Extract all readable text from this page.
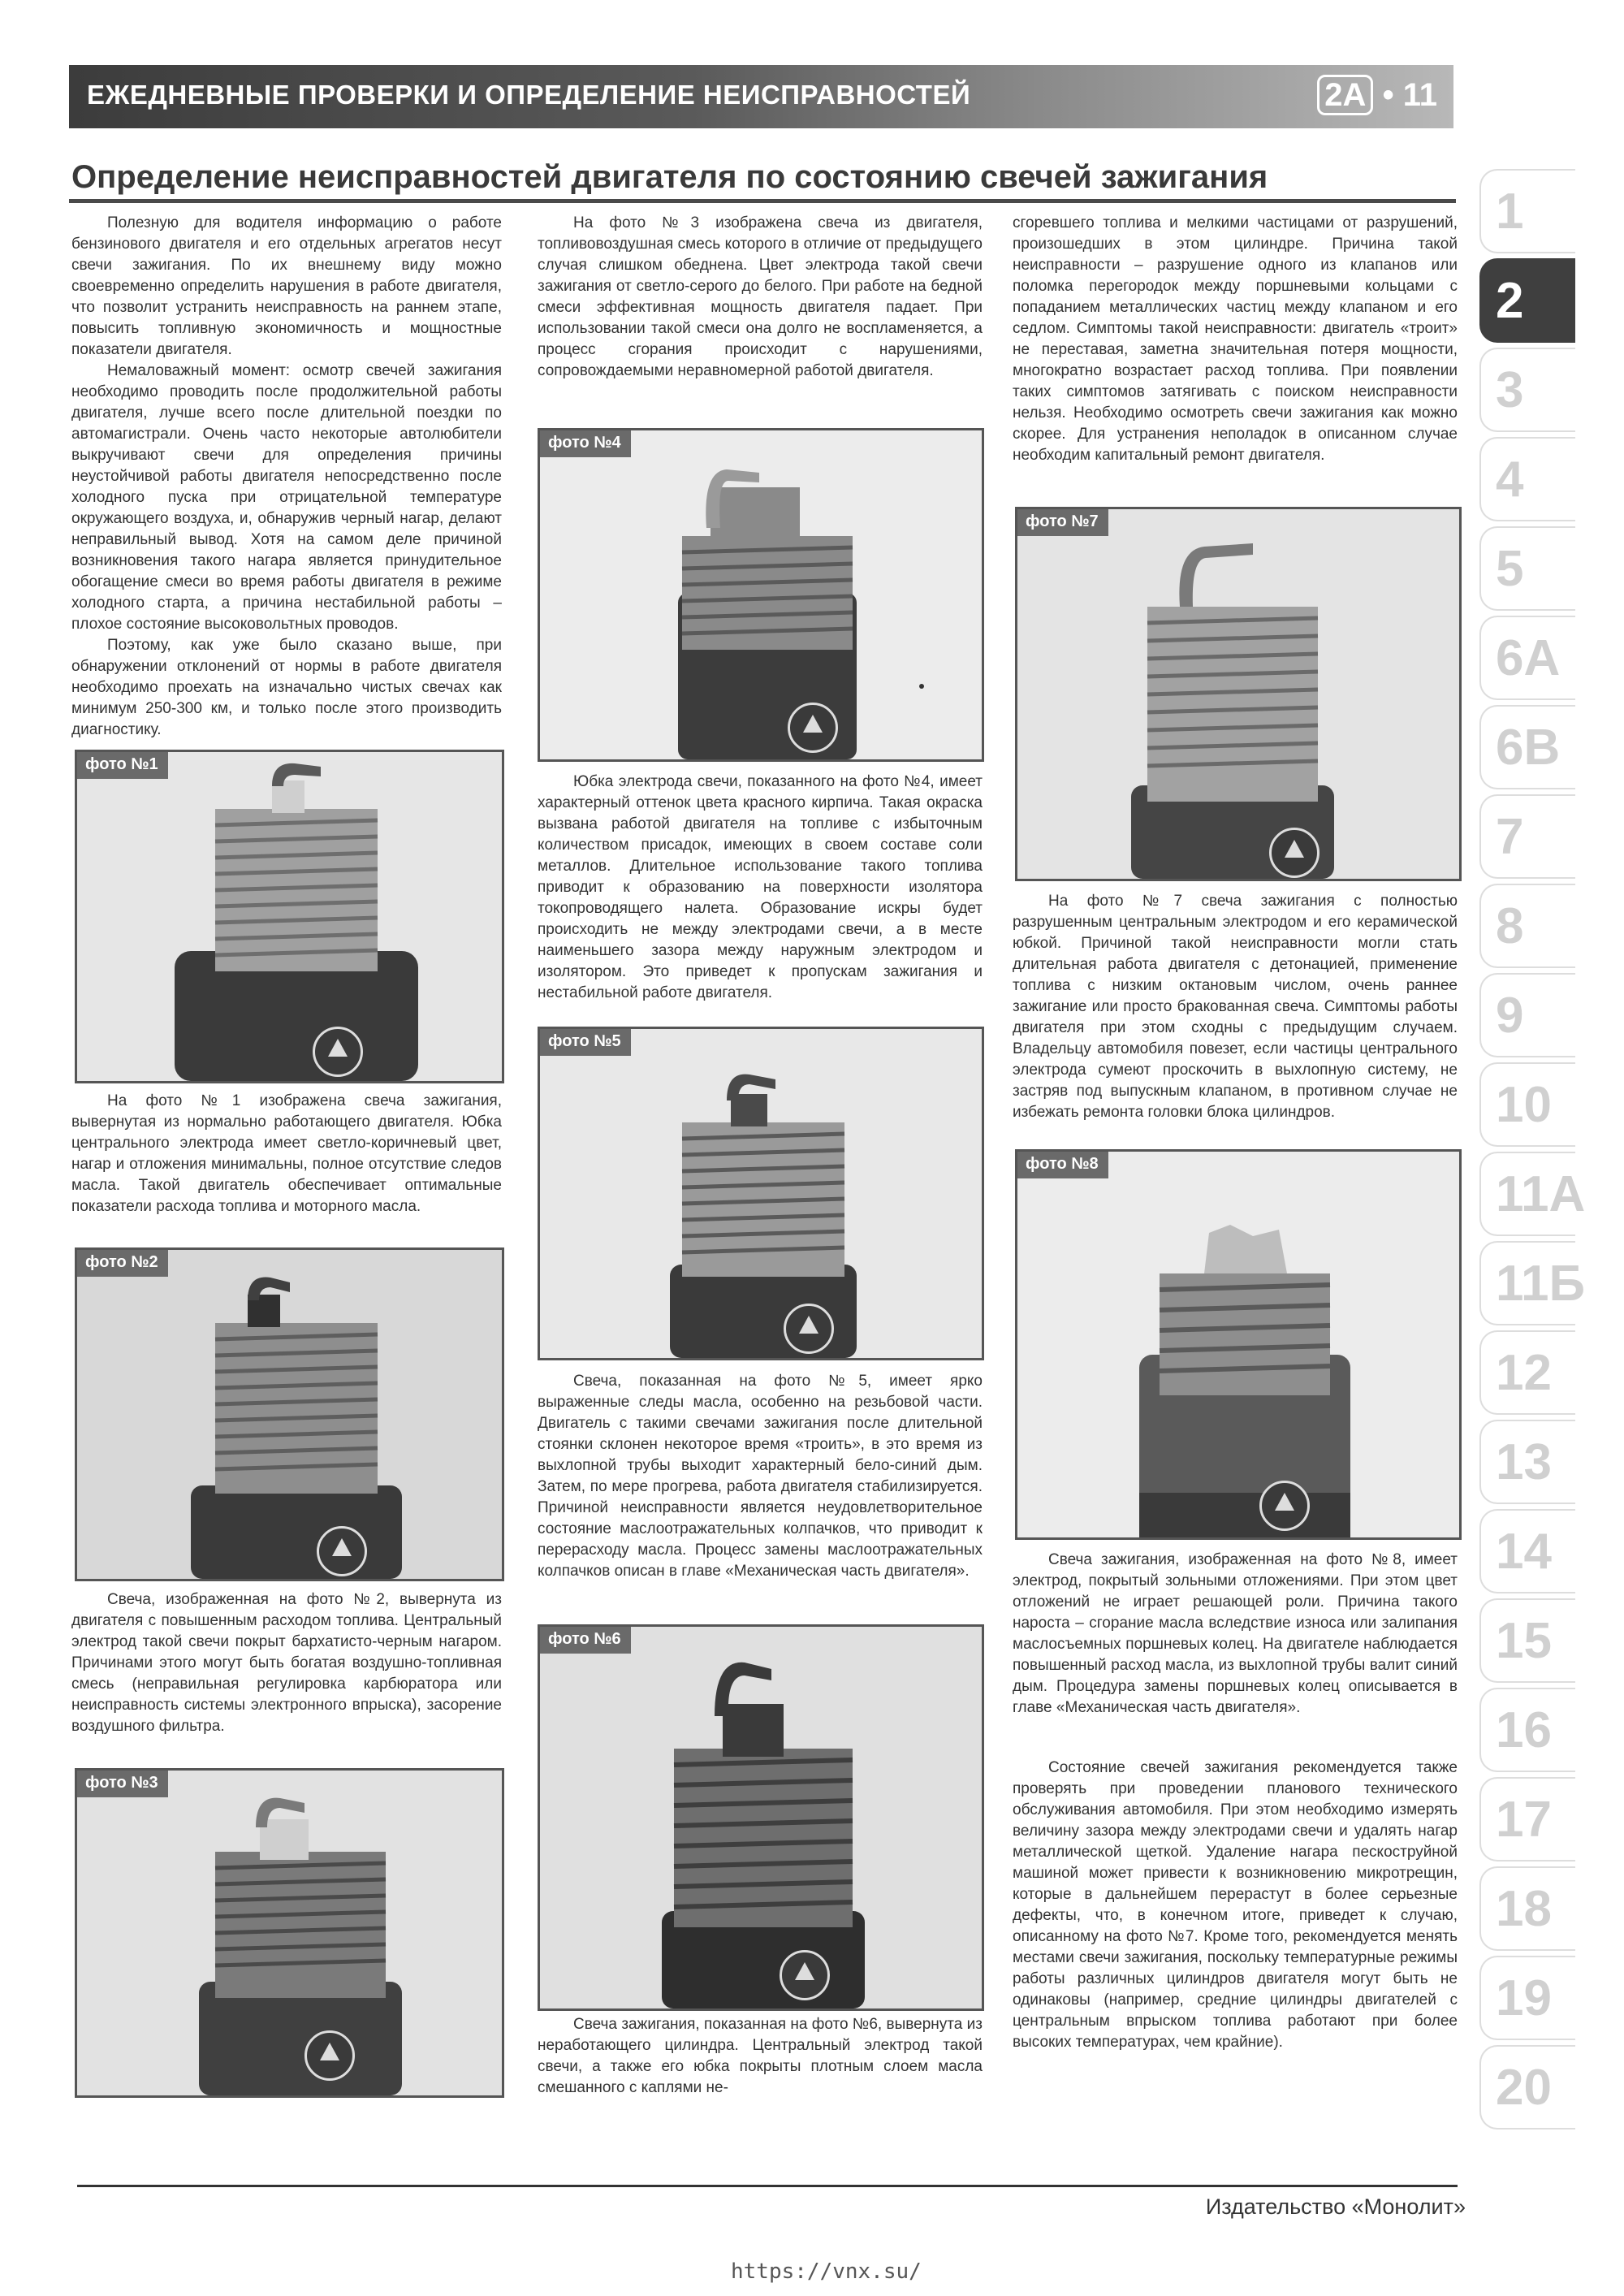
ЕЖЕДНЕВНЫЕ ПРОВЕРКИ И ОПРЕДЕЛЕНИЕ НЕИСПРАВНОСТЕЙ	2А • 11
Определение неисправностей двигателя по состоянию свечей зажигания

Полезную для водителя информацию о работе бензинового двигателя и его отдельных агрегатов несут свечи зажигания. По их внешнему виду можно своевременно определить нарушения в работе двигателя, что позволит устранить неисправность на раннем этапе, повысить топливную экономичность и мощностные показатели двигателя.

Немаловажный момент: осмотр свечей зажигания необходимо проводить после продолжительной работы двигателя, лучше всего после длительной поездки по автомагистрали. Очень часто некоторые автолюбители выкручивают свечи для определения причины неустойчивой работы двигателя непосредственно после холодного пуска при отрицательной температуре окружающего воздуха, и, обнаружив черный нагар, делают неправильный вывод. Хотя на самом деле причиной возникновения такого нагара является принудительное обогащение смеси во время работы двигателя в режиме холодного старта, а причина нестабильной работы – плохое состояние высоковольтных проводов.

Поэтому, как уже было сказано выше, при обнаружении отклонений от нормы в работе двигателя необходимо проехать на изначально чистых свечах как минимум 250-300 км, и только после этого производить диагностику.

фото №1

На фото №1 изображена свеча зажигания, вывернутая из нормально работающего двигателя. Юбка центрального электрода имеет светло-коричневый цвет, нагар и отложения минимальны, полное отсутствие следов масла. Такой двигатель обеспечивает оптимальные показатели расхода топлива и моторного масла.

фото №2

Свеча, изображенная на фото №2, вывернута из двигателя с повышенным расходом топлива. Центральный электрод такой свечи покрыт бархатисто-черным нагаром. Причинами этого могут быть богатая воздушно-топливная смесь (неправильная регулировка карбюратора или неисправность системы электронного впрыска), засорение воздушного фильтра.

фото №3

На фото №3 изображена свеча из двигателя, топливовоздушная смесь которого в отличие от предыдущего случая слишком обеднена. Цвет электрода такой свечи зажигания от светло-серого до белого. При работе на бедной смеси эффективная мощность двигателя падает. При использовании такой смеси она долго не воспламеняется, а процесс сгорания происходит с нарушениями, сопровождаемыми неравномерной работой двигателя.

фото №4

Юбка электрода свечи, показанного на фото №4, имеет характерный оттенок цвета красного кирпича. Такая окраска вызвана работой двигателя на топливе с избыточным количеством присадок, имеющих в своем составе соли металлов. Длительное использование такого топлива приводит к образованию на поверхности изолятора токопроводящего налета. Образование искры будет происходить не между электродами свечи, а в месте наименьшего зазора между наружным электродом и изолятором. Это приведет к пропускам зажигания и нестабильной работе двигателя.

фото №5

Свеча, показанная на фото №5, имеет ярко выраженные следы масла, особенно на резьбовой части. Двигатель с такими свечами зажигания после длительной стоянки склонен некоторое время «троить», в это время из выхлопной трубы выходит характерный бело-синий дым. Затем, по мере прогрева, работа двигателя стабилизируется. Причиной неисправности является неудовлетворительное состояние маслоотражательных колпачков, что приводит к перерасходу масла. Процесс замены маслоотражательных колпачков описан в главе «Механическая часть двигателя».

фото №6

Свеча зажигания, показанная на фото №6, вывернута из неработающего цилиндра. Центральный электрод такой свечи, а также его юбка покрыты плотным слоем масла смешанного с каплями не-

сгоревшего топлива и мелкими частицами от разрушений, произошедших в этом цилиндре. Причина такой неисправности – разрушение одного из клапанов или поломка перегородок между поршневыми кольцами с попаданием металлических частиц между клапаном и его седлом. Симптомы такой неисправности: двигатель «троит» не переставая, заметна значительная потеря мощности, многократно возрастает расход топлива. При появлении таких симптомов затягивать с поиском неисправности нельзя. Необходимо осмотреть свечи зажигания как можно скорее. Для устранения неполадок в описанном случае необходим капитальный ремонт двигателя.

фото №7

На фото №7 свеча зажигания с полностью разрушенным центральным электродом и его керамической юбкой. Причиной такой неисправности могли стать длительная работа двигателя с детонацией, применение топлива с низким октановым числом, очень раннее зажигание или просто бракованная свеча. Симптомы работы двигателя при этом сходны с предыдущим случаем. Владельцу автомобиля повезет, если частицы центрального электрода сумеют проскочить в выхлопную систему, не застряв под выпускным клапаном, в противном случае не избежать ремонта головки блока цилиндров.

фото №8

Свеча зажигания, изображенная на фото №8, имеет электрод, покрытый зольными отложениями. При этом цвет отложений не играет решающей роли. Причина такого нароста – сгорание масла вследствие износа или залипания маслосъемных поршневых колец. На двигателе наблюдается повышенный расход масла, из выхлопной трубы валит синий дым. Процедура замены поршневых колец описывается в главе «Механическая часть двигателя».

Состояние свечей зажигания рекомендуется также проверять при проведении планового технического обслуживания автомобиля. При этом необходимо измерять величину зазора между электродами свечи и удалять нагар металлической щеткой. Удаление нагара пескоструйной машиной может привести к возникновению микротрещин, которые в дальнейшем перерастут в более серьезные дефекты, что, в конечном итоге, приведет к случаю, описанному на фото №7. Кроме того, рекомендуется менять местами свечи зажигания, поскольку температурные режимы работы различных цилиндров двигателя могут быть не одинаковы (например, средние цилиндры двигателей с центральным впрыском топлива работают при более высоких температурах, чем крайние).

1
2
3
4
5
6А
6В
7
8
9
10
11А
11Б
12
13
14
15
16
17
18
19
20
Издательство «Монолит»
https://vnx.su/
